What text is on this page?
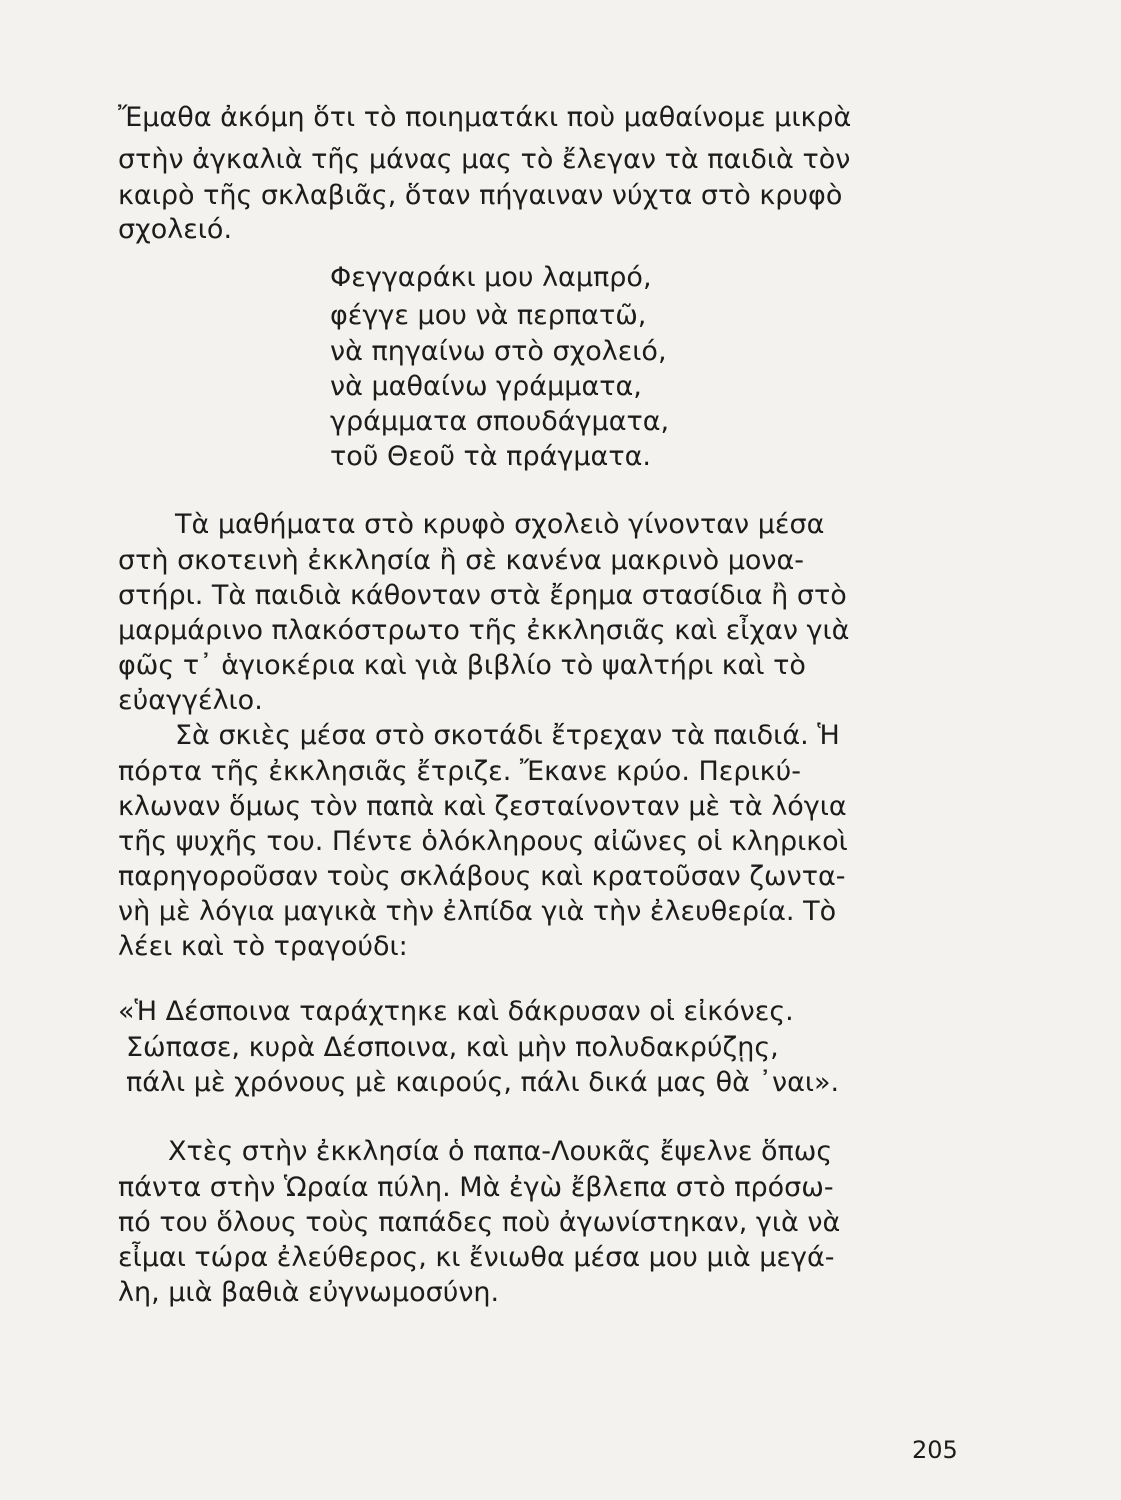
Ἔμαθα ἀκόμη ὅτι τὸ ποιηματάκι ποὺ μαθαίνομε μικρὰ
στὴν ἀγκαλιὰ τῆς μάνας μας τὸ ἔλεγαν τὰ παιδιὰ τὸν
καιρὸ τῆς σκλαβιᾶς, ὅταν πήγαιναν νύχτα στὸ κρυφὸ
σχολειό.
Φεγγαράκι μου λαμπρό,
φέγγε μου νὰ περπατῶ,
νὰ πηγαίνω στὸ σχολειό,
νὰ μαθαίνω γράμματα,
γράμματα σπουδάγματα,
τοῦ Θεοῦ τὰ πράγματα.
Τὰ μαθήματα στὸ κρυφὸ σχολειὸ γίνονταν μέσα
στὴ σκοτεινὴ ἐκκλησία ἢ σὲ κανένα μακρινὸ μονα-
στήρι. Τὰ παιδιὰ κάθονταν στὰ ἔρημα στασίδια ἢ στὸ
μαρμάρινο πλακόστρωτο τῆς ἐκκλησιᾶς καὶ εἶχαν γιὰ
φῶς τ᾽ ἁγιοκέρια καὶ γιὰ βιβλίο τὸ ψαλτήρι καὶ τὸ
εὐαγγέλιο.
Σὰ σκιὲς μέσα στὸ σκοτάδι ἔτρεχαν τὰ παιδιά. Ἡ
πόρτα τῆς ἐκκλησιᾶς ἔτριζε. Ἔκανε κρύο. Περικύ-
κλωναν ὅμως τὸν παπὰ καὶ ζεσταίνονταν μὲ τὰ λόγια
τῆς ψυχῆς του. Πέντε ὁλόκληρους αἰῶνες οἱ κληρικοὶ
παρηγοροῦσαν τοὺς σκλάβους καὶ κρατοῦσαν ζωντα-
νὴ μὲ λόγια μαγικὰ τὴν ἐλπίδα γιὰ τὴν ἐλευθερία. Τὸ
λέει καὶ τὸ τραγούδι:
«Ἡ Δέσποινα ταράχτηκε καὶ δάκρυσαν οἱ εἰκόνες.
Σώπασε, κυρὰ Δέσποινα, καὶ μὴν πολυδακρύζῃς,
πάλι μὲ χρόνους μὲ καιρούς, πάλι δικά μας θὰ ᾽ναι».
Χτὲς στὴν ἐκκλησία ὁ παπα-Λουκᾶς ἔψελνε ὅπως
πάντα στὴν Ὡραία πύλη. Μὰ ἐγὼ ἔβλεπα στὸ πρόσω-
πό του ὅλους τοὺς παπάδες ποὺ ἀγωνίστηκαν, γιὰ νὰ
εἶμαι τώρα ἐλεύθερος, κι ἔνιωθα μέσα μου μιὰ μεγά-
λη, μιὰ βαθιὰ εὐγνωμοσύνη.
205
